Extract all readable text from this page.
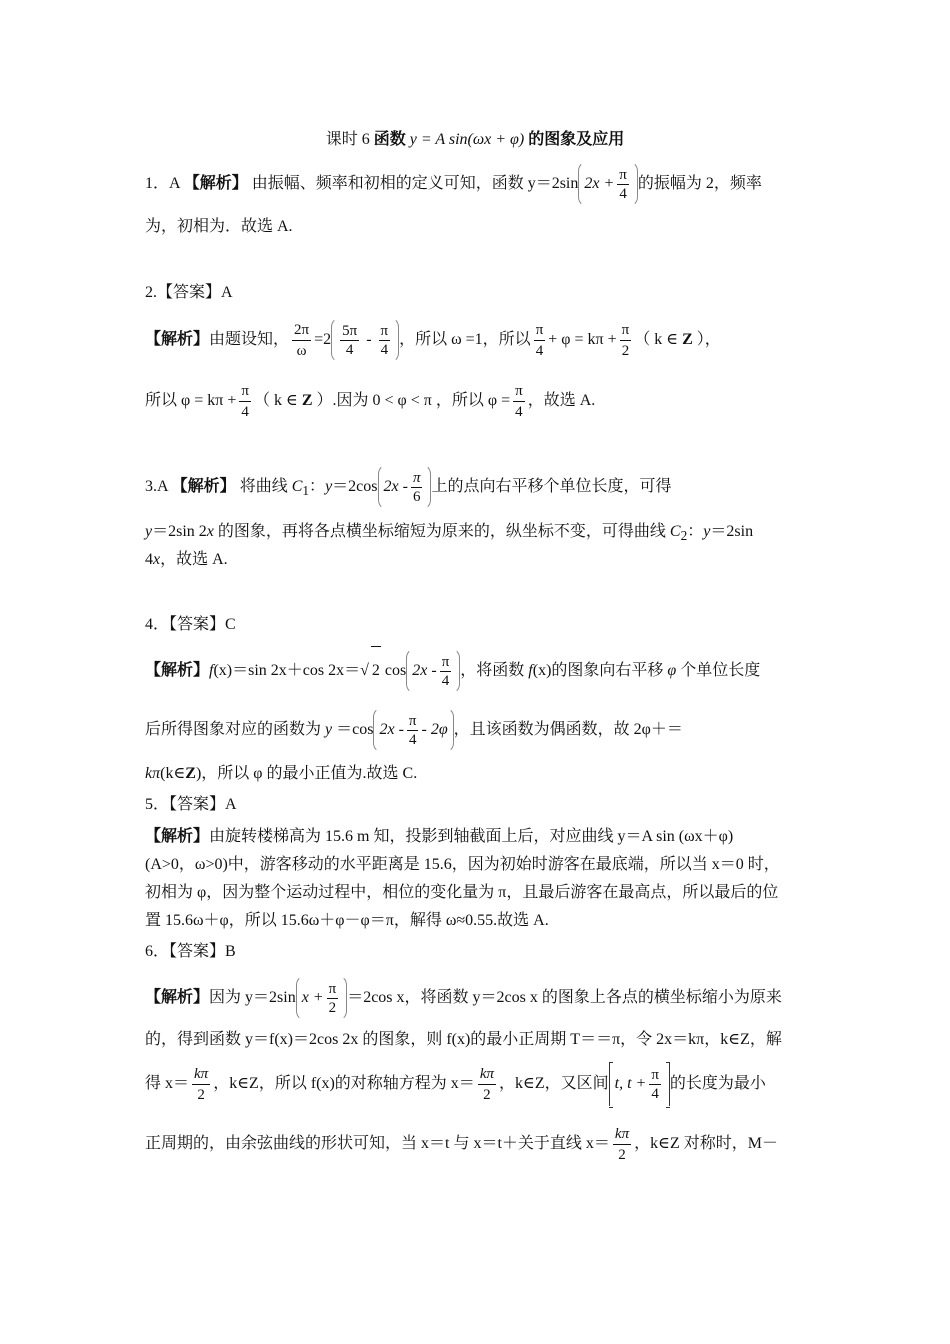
课时 6 函数 y = A sin(ωx + φ) 的图象及应用
1．A 【解析】 由振幅、频率和初相的定义可知，函数 y＝2sin $2x + \frac{\pi}{4}$ 的振幅为 2，频率
为，初相为．故选 A.
2.【答案】A
【解析】由题设知， $\frac{2\pi}{\omega} =2 \frac{5\pi}{4} - \frac{\pi}{4}$ ，所以 ω =1，所以 $\frac{\pi}{4} + \varphi = k\pi + \frac{\pi}{2}$ （ k ∈ Z ），
所以 $\varphi = k\pi + \frac{\pi}{4}$ （ k ∈ Z ）.因为 0 < φ < π ，所以 $\varphi = \frac{\pi}{4}$ ，故选 A.
3.A 【解析】 将曲线 $C_1$：y＝2cos $2x - \frac{\pi}{6}$ 上的点向右平移个单位长度，可得
y＝2sin 2x 的图象，再将各点横坐标缩短为原来的，纵坐标不变，可得曲线 $C_2$：y＝2sin
4x，故选 A.
4．【答案】C
【解析】f(x)＝sin 2x＋cos 2x＝√ 2 $\cos 2x - \frac{\pi}{4}$ ，将函数 f(x)的图象向右平移 φ 个单位长度
后所得图象对应的函数为 y ＝cos $2x - \frac{\pi}{4} - 2\varphi$ ，且该函数为偶函数，故 2φ＋＝
kπ(k∈Z)，所以 φ 的最小正值为.故选 C.
5．【答案】A
【解析】由旋转楼梯高为 15.6 m 知，投影到轴截面上后，对应曲线 y＝A sin (ωx＋φ)
(A>0，ω>0)中，游客移动的水平距离是 15.6，因为初始时游客在最底端，所以当 x＝0 时，
初相为 φ，因为整个运动过程中，相位的变化量为 π，且最后游客在最高点，所以最后的位
置 15.6ω＋φ，所以 15.6ω＋φ－φ＝π，解得 ω≈0.55.故选 A.
6．【答案】B
【解析】因为 y＝2sin $x + \frac{\pi}{2} =2\cos$ x，将函数 y＝2cos x 的图象上各点的横坐标缩小为原来
的，得到函数 y＝f(x)＝2cos 2x 的图象，则 f(x)的最小正周期 T＝＝π，令 2x＝kπ，k∈Z，解
得 $x= \frac{k\pi}{2}$ ，k∈Z，所以 f(x)的对称轴方程为 $x= \frac{k\pi}{2}$ ，k∈Z，又区间 t, $t + \frac{\pi}{4}$ 的长度为最小
正周期的，由余弦曲线的形状可知，当 x＝t 与 x＝t＋关于直线 $x= \frac{k\pi}{2}$ ，k∈Z 对称时，M－
